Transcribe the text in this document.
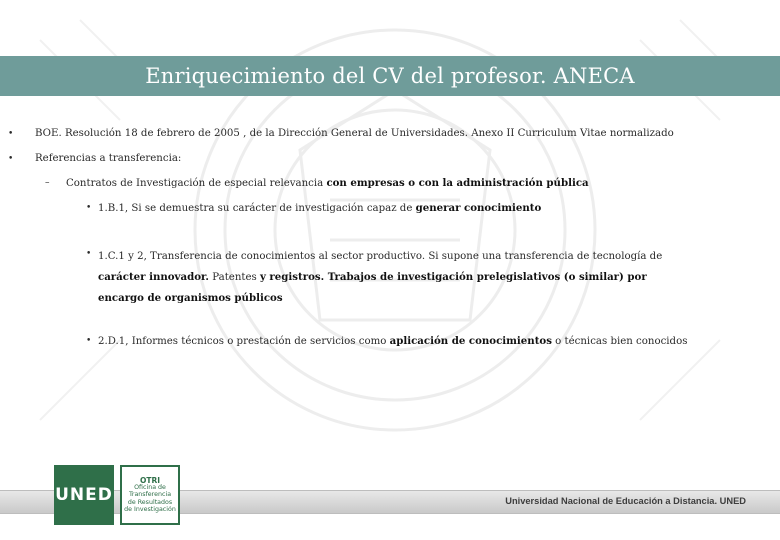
Enriquecimiento del CV del profesor. ANECA
• BOE. Resolución 18 de febrero de 2005 , de la Dirección General de Universidades. Anexo II Curriculum Vitae normalizado
• Referencias a transferencia:
– Contratos de Investigación de especial relevancia con empresas o con la administración pública
• 1.B.1, Si se demuestra su carácter de investigación capaz de generar conocimiento
• 1.C.1 y 2, Transferencia de conocimientos al sector productivo. Si supone una transferencia de tecnología de carácter innovador. Patentes y registros. Trabajos de investigación prelegislativos (o similar) por encargo de organismos públicos
• 2.D.1, Informes técnicos o prestación de servicios como aplicación de conocimientos o técnicas bien conocidos
Universidad Nacional de Educación a Distancia. UNED
UNED
OTRI
Oficina de
Transferencia
de Resultados
de Investigación
